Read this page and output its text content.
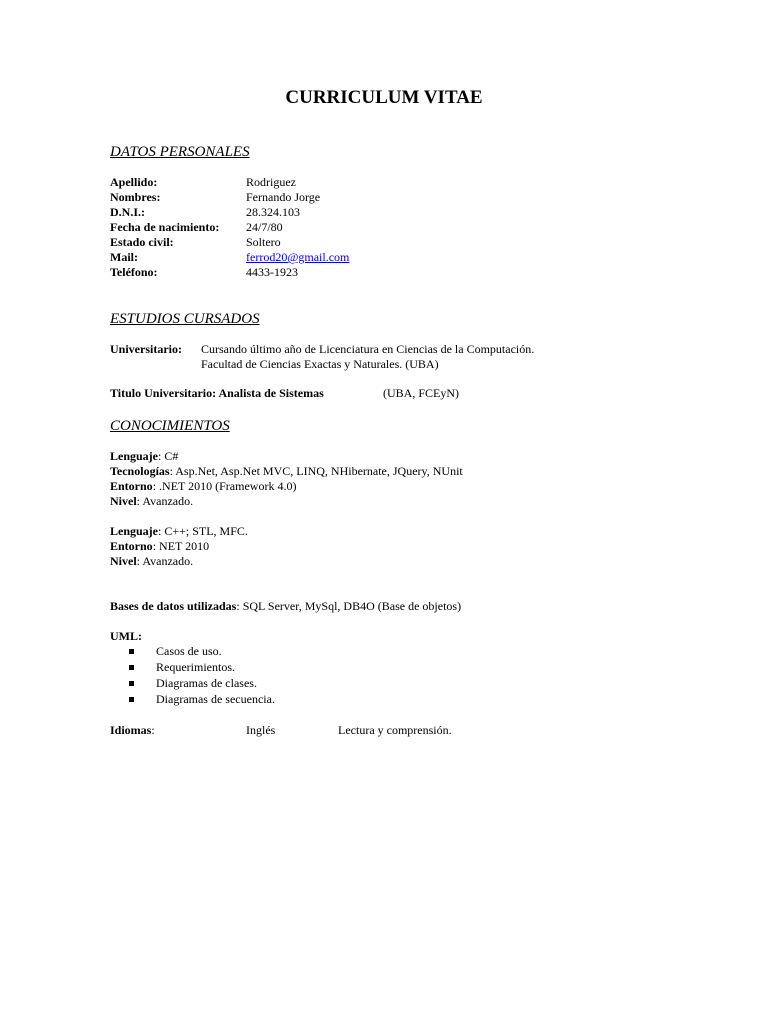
CURRICULUM VITAE
DATOS PERSONALES
Apellido:	Rodriguez
Nombres:	Fernando Jorge
D.N.I.:	28.324.103
Fecha de nacimiento: 24/7/80
Estado civil:	Soltero
Mail:	ferrod20@gmail.com
Teléfono:	4433-1923
ESTUDIOS CURSADOS
Universitario: Cursando último año de Licenciatura en Ciencias de la Computación.
Facultad de Ciencias Exactas y Naturales. (UBA)
Titulo Universitario: Analista de Sistemas	(UBA, FCEyN)
CONOCIMIENTOS
Lenguaje: C#
Tecnologías: Asp.Net, Asp.Net MVC, LINQ, NHibernate, JQuery, NUnit
Entorno: .NET 2010 (Framework 4.0)
Nivel: Avanzado.
Lenguaje: C++; STL, MFC.
Entorno: NET 2010
Nivel: Avanzado.
Bases de datos utilizadas: SQL Server, MySql, DB4O (Base de objetos)
UML:
Casos de uso.
Requerimientos.
Diagramas de clases.
Diagramas de secuencia.
Idiomas:	Inglés	Lectura y comprensión.
